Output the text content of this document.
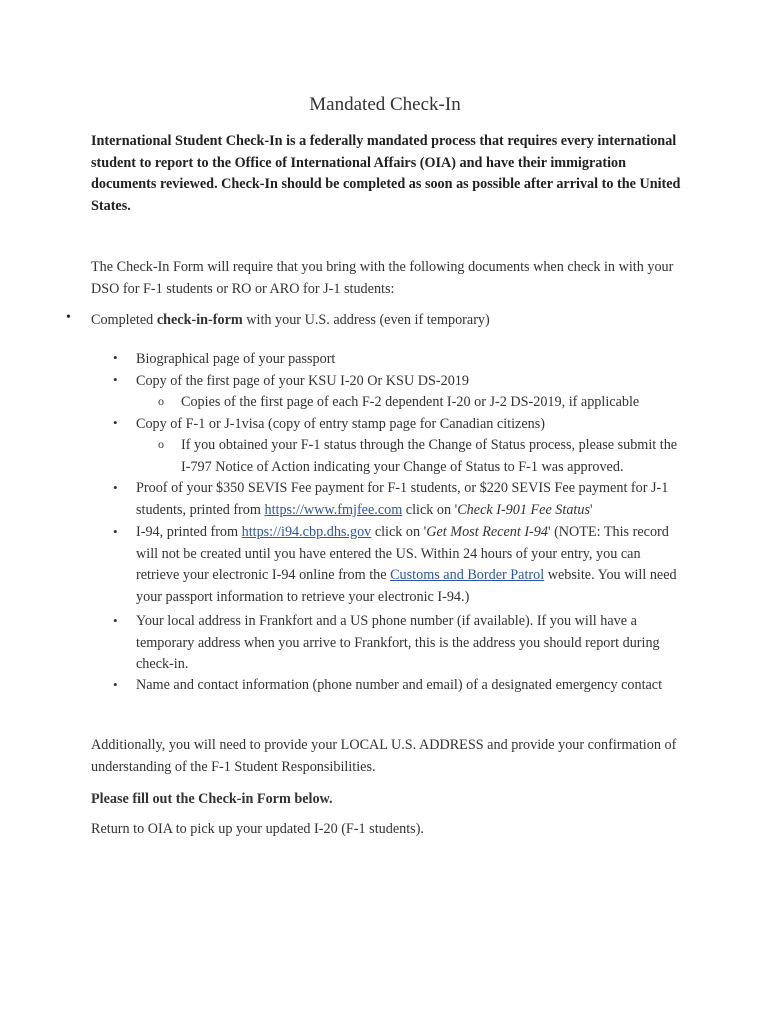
Mandated Check-In

International Student Check-In is a federally mandated process that requires every international student to report to the Office of International Affairs (OIA) and have their immigration documents reviewed. Check-In should be completed as soon as possible after arrival to the United States.

The Check-In Form will require that you bring with the following documents when check in with your DSO for F-1 students or RO or ARO for J-1 students:

• Completed check-in-form with your U.S. address (even if temporary)
• Biographical page of your passport

• Copy of the first page of your KSU I-20 Or KSU DS-2019

o Copies of the first page of each F-2 dependent I-20 or J-2 DS-2019, if applicable

• Copy of F-1 or J-1visa (copy of entry stamp page for Canadian citizens)

o If you obtained your F-1 status through the Change of Status process, please submit the I-797 Notice of Action indicating your Change of Status to F-1 was approved.

• Proof of your $350 SEVIS Fee payment for F-1 students, or $220 SEVIS Fee payment for J-1 students, printed from https://www.fmjfee.com click on 'Check I-901 Fee Status'

• I-94, printed from https://i94.cbp.dhs.gov click on 'Get Most Recent I-94' (NOTE: This record will not be created until you have entered the US. Within 24 hours of your entry, you can retrieve your electronic I-94 online from the Customs and Border Patrol website. You will need your passport information to retrieve your electronic I-94.)

• Your local address in Frankfort and a US phone number (if available). If you will have a temporary address when you arrive to Frankfort, this is the address you should report during check-in.

• Name and contact information (phone number and email) of a designated emergency contact

Additionally, you will need to provide your LOCAL U.S. ADDRESS and provide your confirmation of understanding of the F-1 Student Responsibilities.

Please fill out the Check-in Form below.

Return to OIA to pick up your updated I-20 (F-1 students).
